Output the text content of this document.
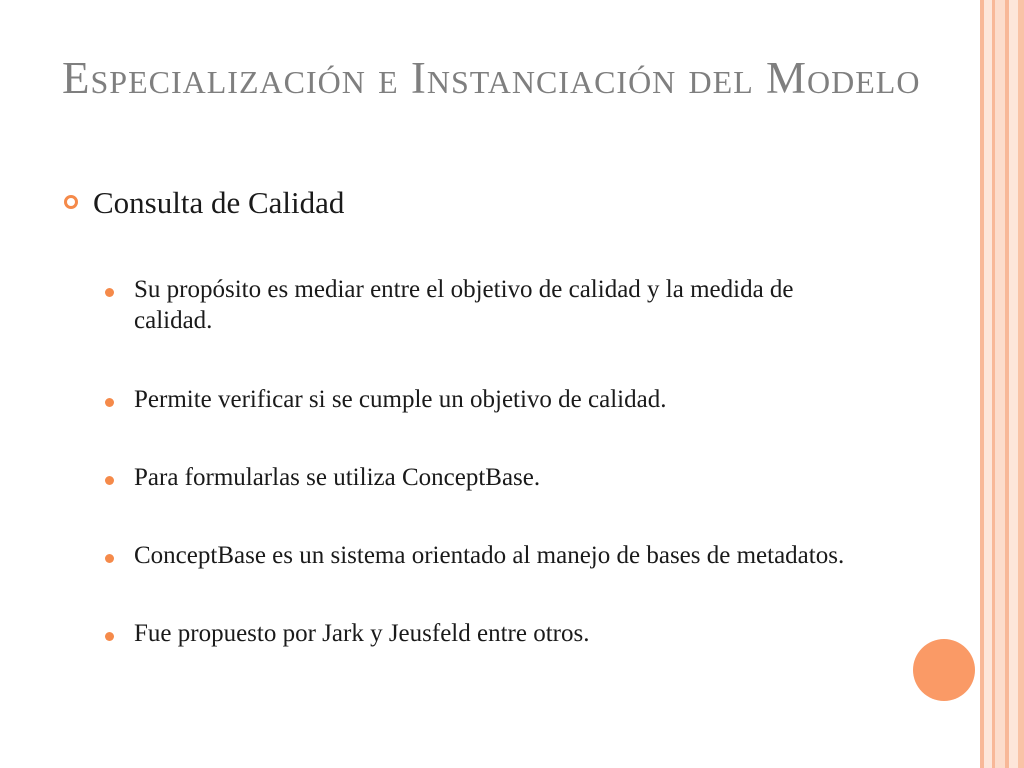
Especialización e Instanciación del Modelo
Consulta de Calidad
Su propósito es mediar entre el objetivo de calidad y la medida de calidad.
Permite verificar si se cumple un objetivo de calidad.
Para formularlas se utiliza ConceptBase.
ConceptBase es un sistema orientado al manejo de bases de metadatos.
Fue propuesto por Jark y Jeusfeld entre otros.
